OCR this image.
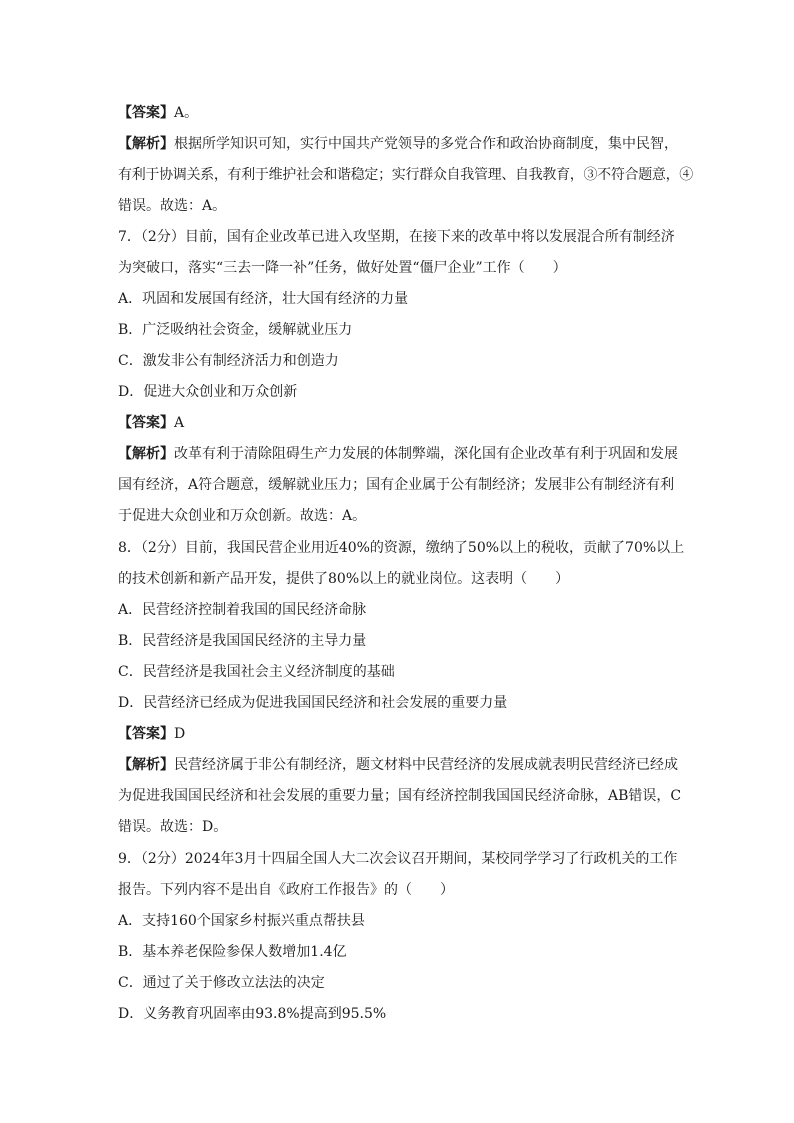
【答案】A。
【解析】根据所学知识可知，实行中国共产党领导的多党合作和政治协商制度，集中民智，
有利于协调关系，有利于维护社会和谐稳定；实行群众自我管理、自我教育，③不符合题意，④
错误。故选：A。
7．（2分）目前，国有企业改革已进入攻坚期，在接下来的改革中将以发展混合所有制经济
为突破口，落实“三去一降一补”任务，做好处置“僵尸企业”工作（　　）
A．巩固和发展国有经济，壮大国有经济的力量
B．广泛吸纳社会资金，缓解就业压力
C．激发非公有制经济活力和创造力
D．促进大众创业和万众创新
【答案】A
【解析】改革有利于清除阻碍生产力发展的体制弊端，深化国有企业改革有利于巩固和发展
国有经济，A符合题意，缓解就业压力；国有企业属于公有制经济；发展非公有制经济有利
于促进大众创业和万众创新。故选：A。
8．（2分）目前，我国民营企业用近40%的资源，缴纳了50%以上的税收，贡献了70%以上
的技术创新和新产品开发，提供了80%以上的就业岗位。这表明（　　）
A．民营经济控制着我国的国民经济命脉
B．民营经济是我国国民经济的主导力量
C．民营经济是我国社会主义经济制度的基础
D．民营经济已经成为促进我国国民经济和社会发展的重要力量
【答案】D
【解析】民营经济属于非公有制经济，题文材料中民营经济的发展成就表明民营经济已经成
为促进我国国民经济和社会发展的重要力量；国有经济控制我国国民经济命脉，AB错误，C
错误。故选：D。
9．（2分）2024年3月十四届全国人大二次会议召开期间，某校同学学习了行政机关的工作
报告。下列内容不是出自《政府工作报告》的（　　）
A．支持160个国家乡村振兴重点帮扶县
B．基本养老保险参保人数增加1.4亿
C．通过了关于修改立法法的决定
D．义务教育巩固率由93.8%提高到95.5%
